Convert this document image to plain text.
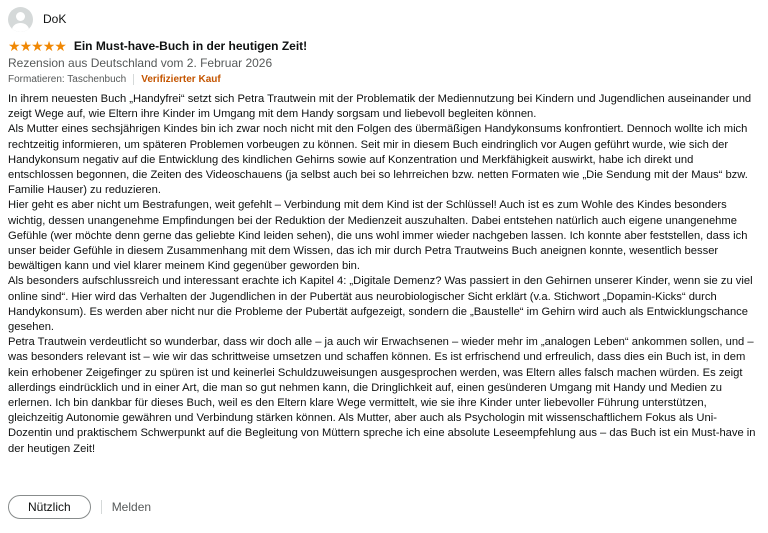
DoK
★ ★ ★ ★ ★ Ein Must-have-Buch in der heutigen Zeit!
Rezension aus Deutschland vom 2. Februar 2026
Formatieren: Taschenbuch Verifizierter Kauf

In ihrem neuesten Buch „Handyfrei“ setzt sich Petra Trautwein mit der Problematik der Mediennutzung bei Kindern und Jugendlichen auseinander und zeigt Wege auf, wie Eltern ihre Kinder im Umgang mit dem Handy sorgsam und liebevoll begleiten können.

Als Mutter eines sechsjährigen Kindes bin ich zwar noch nicht mit den Folgen des übermäßigen Handykonsums konfrontiert. Dennoch wollte ich mich rechtzeitig informieren, um späteren Problemen vorbeugen zu können. Seit mir in diesem Buch eindringlich vor Augen geführt wurde, wie sich der Handykonsum negativ auf die Entwicklung des kindlichen Gehirns sowie auf Konzentration und Merkfähigkeit auswirkt, habe ich direkt und entschlossen begonnen, die Zeiten des Videoschauens (ja selbst auch bei so lehrreichen bzw. netten Formaten wie „Die Sendung mit der Maus“ bzw. Familie Hauser) zu reduzieren.

Hier geht es aber nicht um Bestrafungen, weit gefehlt – Verbindung mit dem Kind ist der Schlüssel! Auch ist es zum Wohle des Kindes besonders wichtig, dessen unangenehme Empfindungen bei der Reduktion der Medienzeit auszuhalten. Dabei entstehen natürlich auch eigene unangenehme Gefühle (wer möchte denn gerne das geliebte Kind leiden sehen), die uns wohl immer wieder nachgeben lassen. Ich konnte aber feststellen, dass ich unser beider Gefühle in diesem Zusammenhang mit dem Wissen, das ich mir durch Petra Trautweins Buch aneignen konnte, wesentlich besser bewältigen kann und viel klarer meinem Kind gegenüber geworden bin.

Als besonders aufschlussreich und interessant erachte ich Kapitel 4: „Digitale Demenz? Was passiert in den Gehirnen unserer Kinder, wenn sie zu viel online sind“. Hier wird das Verhalten der Jugendlichen in der Pubertät aus neurobiologischer Sicht erklärt (v.a. Stichwort „Dopamin-Kicks“ durch Handykonsum). Es werden aber nicht nur die Probleme der Pubertät aufgezeigt, sondern die „Baustelle“ im Gehirn wird auch als Entwicklungschance gesehen.

Petra Trautwein verdeutlicht so wunderbar, dass wir doch alle – ja auch wir Erwachsenen – wieder mehr im „analogen Leben“ ankommen sollen, und – was besonders relevant ist – wie wir das schrittweise umsetzen und schaffen können. Es ist erfrischend und erfreulich, dass dies ein Buch ist, in dem kein erhobener Zeigefinger zu spüren ist und keinerlei Schuldzuweisungen ausgesprochen werden, was Eltern alles falsch machen würden. Es zeigt allerdings eindrücklich und in einer Art, die man so gut nehmen kann, die Dringlichkeit auf, einen gesünderen Umgang mit Handy und Medien zu erlernen. Ich bin dankbar für dieses Buch, weil es den Eltern klare Wege vermittelt, wie sie ihre Kinder unter liebevoller Führung unterstützen, gleichzeitig Autonomie gewähren und Verbindung stärken können. Als Mutter, aber auch als Psychologin mit wissenschaftlichem Fokus als Uni-Dozentin und praktischem Schwerpunkt auf die Begleitung von Müttern spreche ich eine absolute Leseempfehlung aus – das Buch ist ein Must-have in der heutigen Zeit!

Nützlich	Melden
